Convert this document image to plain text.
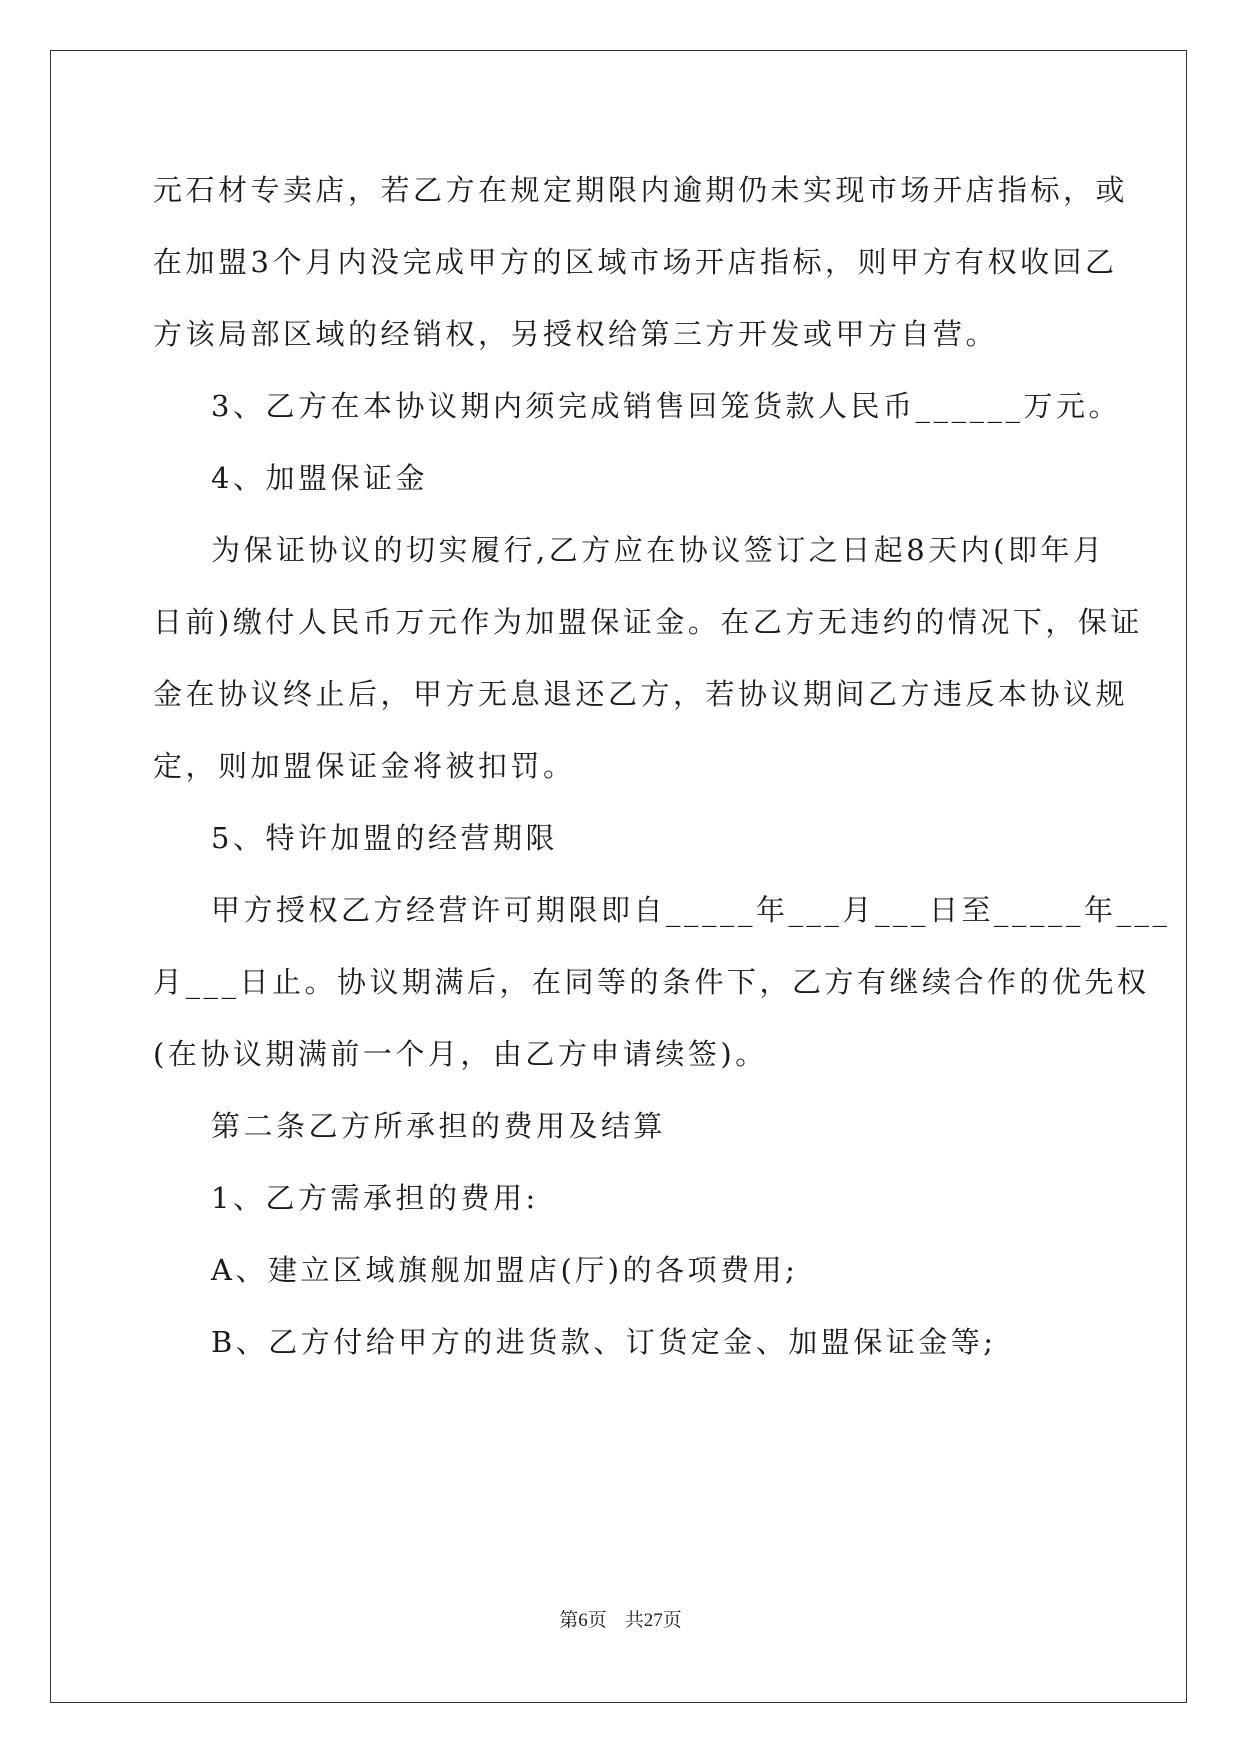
元石材专卖店，若乙方在规定期限内逾期仍未实现市场开店指标，或
在加盟3个月内没完成甲方的区域市场开店指标，则甲方有权收回乙
方该局部区域的经销权，另授权给第三方开发或甲方自营。
3、乙方在本协议期内须完成销售回笼货款人民币______万元。
4、加盟保证金
为保证协议的切实履行,乙方应在协议签订之日起8天内(即年月
日前)缴付人民币万元作为加盟保证金。在乙方无违约的情况下，保证
金在协议终止后，甲方无息退还乙方，若协议期间乙方违反本协议规
定，则加盟保证金将被扣罚。
5、特许加盟的经营期限
甲方授权乙方经营许可期限即自_____年___月___日至_____年___
月___日止。协议期满后，在同等的条件下，乙方有继续合作的优先权
(在协议期满前一个月，由乙方申请续签)。
第二条乙方所承担的费用及结算
1、乙方需承担的费用:
A、建立区域旗舰加盟店(厅)的各项费用;
B、乙方付给甲方的进货款、订货定金、加盟保证金等;
第6页 共27页
